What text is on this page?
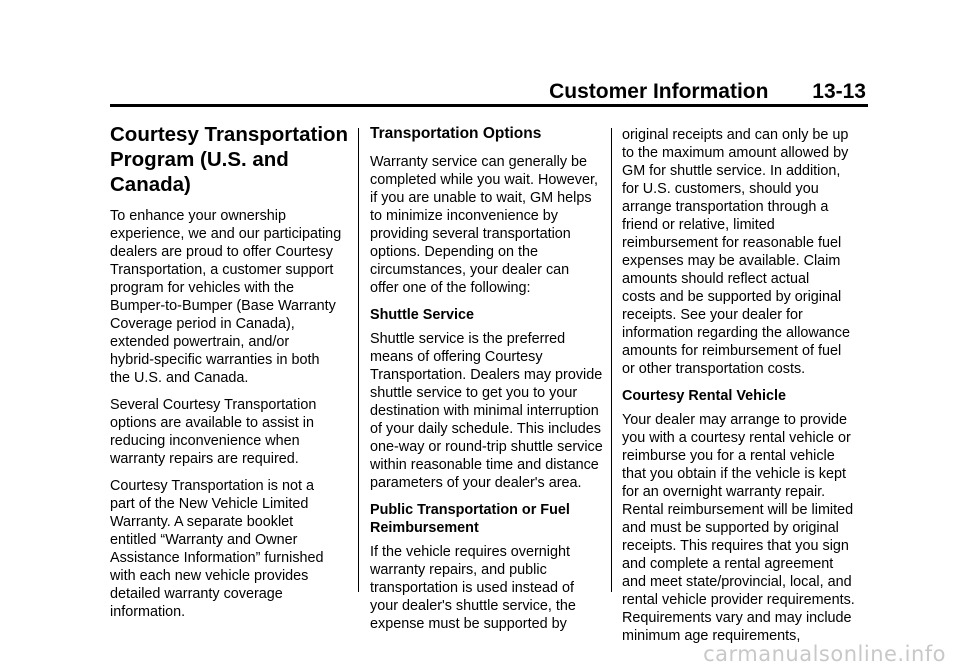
Customer Information 13-13
Courtesy Transportation
Program (U.S. and
Canada)

To enhance your ownership
experience, we and our participating
dealers are proud to offer Courtesy
Transportation, a customer support
program for vehicles with the
Bumper-to-Bumper (Base Warranty
Coverage period in Canada),
extended powertrain, and/or
hybrid-specific warranties in both
the U.S. and Canada.

Several Courtesy Transportation
options are available to assist in
reducing inconvenience when
warranty repairs are required.

Courtesy Transportation is not a
part of the New Vehicle Limited
Warranty. A separate booklet
entitled “Warranty and Owner
Assistance Information” furnished
with each new vehicle provides
detailed warranty coverage
information.

Transportation Options

Warranty service can generally be
completed while you wait. However,
if you are unable to wait, GM helps
to minimize inconvenience by
providing several transportation
options. Depending on the
circumstances, your dealer can
offer one of the following:

Shuttle Service

Shuttle service is the preferred
means of offering Courtesy
Transportation. Dealers may provide
shuttle service to get you to your
destination with minimal interruption
of your daily schedule. This includes
one-way or round-trip shuttle service
within reasonable time and distance
parameters of your dealer's area.

Public Transportation or Fuel
Reimbursement

If the vehicle requires overnight
warranty repairs, and public
transportation is used instead of
your dealer's shuttle service, the
expense must be supported by

original receipts and can only be up
to the maximum amount allowed by
GM for shuttle service. In addition,
for U.S. customers, should you
arrange transportation through a
friend or relative, limited
reimbursement for reasonable fuel
expenses may be available. Claim
amounts should reflect actual
costs and be supported by original
receipts. See your dealer for
information regarding the allowance
amounts for reimbursement of fuel
or other transportation costs.

Courtesy Rental Vehicle

Your dealer may arrange to provide
you with a courtesy rental vehicle or
reimburse you for a rental vehicle
that you obtain if the vehicle is kept
for an overnight warranty repair.
Rental reimbursement will be limited
and must be supported by original
receipts. This requires that you sign
and complete a rental agreement
and meet state/provincial, local, and
rental vehicle provider requirements.
Requirements vary and may include
minimum age requirements,

carmanualsonline.info
